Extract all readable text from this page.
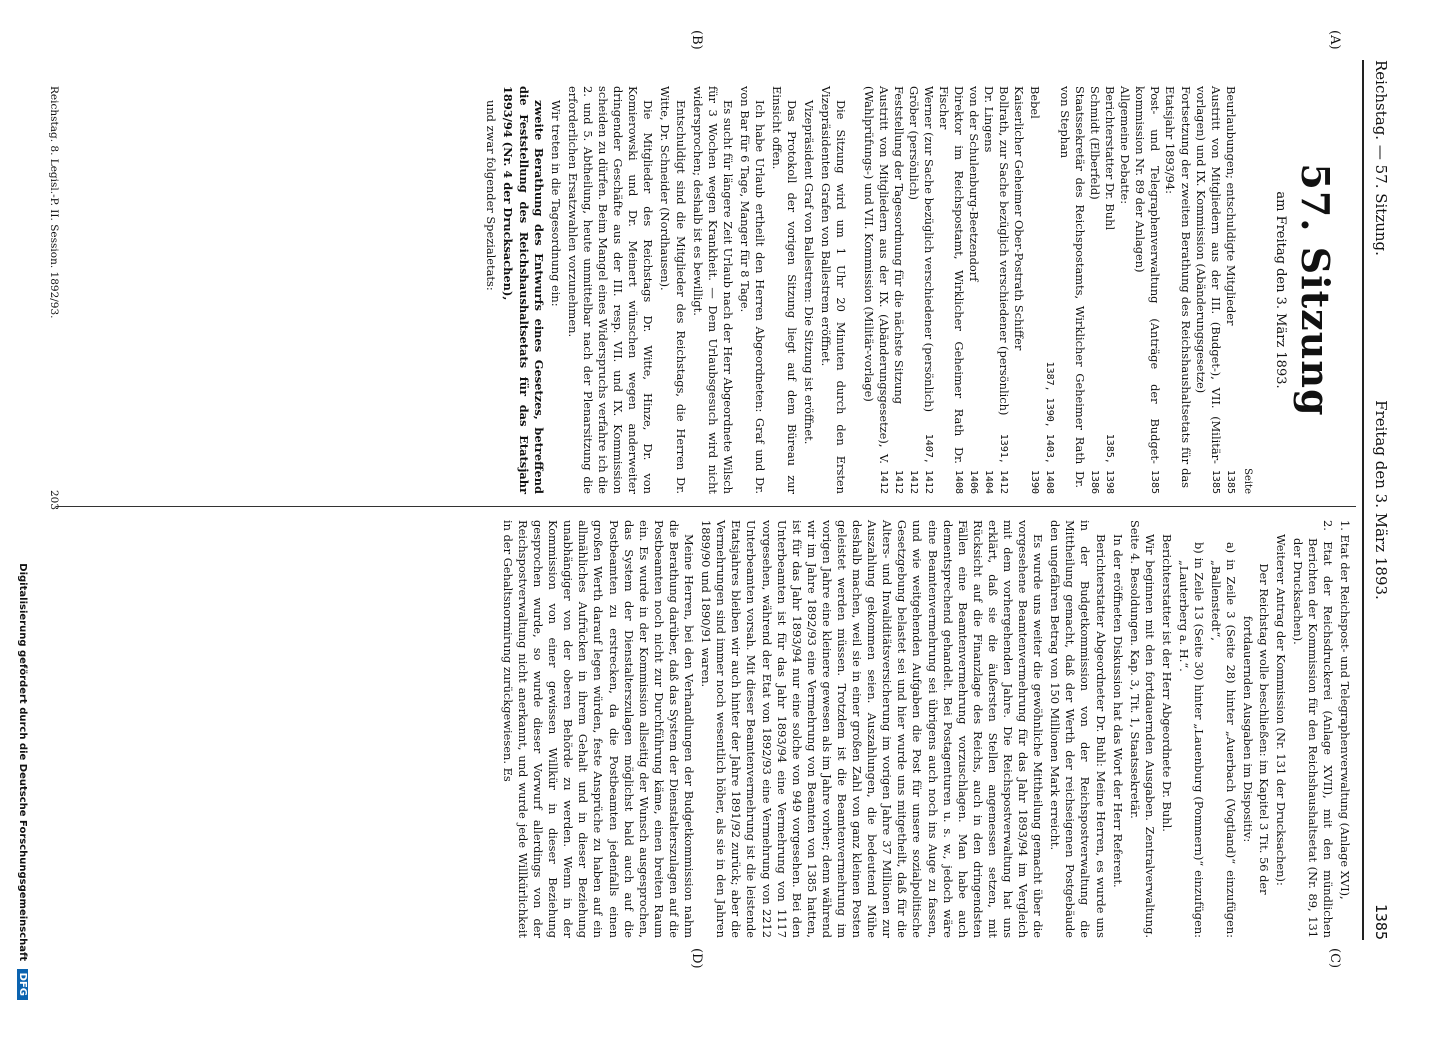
Reichstag. — 57. Sitzung.
Freitag den 3. März 1893.
1385
(A)
(B)
(C)
(D)
57. Sitzung
am Freitag den 3. März 1893.
Seite
Beurlaubungen; entschuldigte Mitglieder
1385
Austritt von Mitgliedern aus der III. (Budget-), VII. (Militär-vorlagen) und IX. Kommission (Abänderungsgesetze)
1385
Fortsetzung der zweiten Berathung des Reichshaushaltsetats für das Etatsjahr 1893/94:
Post- und Telegraphenverwaltung (Anträge der Budget-kommission Nr. 89 der Anlagen)
1385
Allgemeine Debatte:
Berichterstatter Dr. Buhl
1385, 1398
Schmidt (Elberfeld)
1386
Staatssekretär des Reichspostamts, Wirklicher Geheimer Rath Dr. von Stephan
1387, 1390, 1403, 1408
Bebel
1390
Kaiserlicher Geheimer Ober-Postrath Schiffer
Bollrath, zur Sache bezüglich verschiedener (persönlich)
1391, 1412
Dr. Lingens
1404
von der Schulenburg-Beetzendorf
1406
Direktor im Reichspostamt, Wirklicher Geheimer Rath Dr. Fischer
1408
Werner (zur Sache bezüglich verschiedener (persönlich)
1407, 1412
Gröber (persönlich)
1412
Feststellung der Tagesordnung für die nächste Sitzung
1412
Austritt von Mitgliedern aus der IX. (Abänderungsgesetze), V. (Wahlprüfungs-) und VII. Kommission (Militär-vorlage)
1412

Die Sitzung wird um 1 Uhr 20 Minuten durch den Ersten Vizepräsidenten Grafen von Ballestrem eröffnet.

Vizepräsident Graf von Ballestrem: Die Sitzung ist eröffnet.

Das Protokoll der vorigen Sitzung liegt auf dem Büreau zur Einsicht offen.

Ich habe Urlaub ertheilt den Herren Abgeordneten: Graf und Dr. von Bar für 6 Tage, Manger für 8 Tage.

Es sucht für längere Zeit Urlaub nach der Herr Abgeordnete Wilsch für 3 Wochen wegen Krankheit. — Dem Urlaubsgesuch wird nicht widersprochen; deshalb ist es bewilligt.

Entschuldigt sind die Mitglieder des Reichstags, die Herren Dr. Witte, Dr. Schneider (Nordhausen).

Die Mitglieder des Reichstags Dr. Witte, Hinze, Dr. von Komierowski und Dr. Meinert wünschen wegen anderweiter dringender Geschäfte aus der III. resp. VII. und IX. Kommission scheiden zu dürfen. Beim Mangel eines Widerspruchs verfahre ich die 2. und 5. Abtheilung, heute unmittelbar nach der Plenarsitzung die erforderlichen Ersatzwahlen vorzunehmen.

Wir treten in die Tagesordnung ein:

zweite Berathung des Entwurfs eines Gesetzes, betreffend die Feststellung des Reichshaushaltsetats für das Etatsjahr 1893/94 (Nr. 4 der Drucksachen),

und zwar folgender Spezialetats:

1. Etat der Reichspost- und Telegraphenverwaltung (Anlage XVI),
2. Etat der Reichsdruckerei (Anlage XVII), mit den mündlichen Berichten der Kommission für den Reichshaushaltsetat (Nr. 89, 131 der Drucksachen).

Weiterer Antrag der Kommission (Nr. 131 der Drucksachen):

Der Reichstag wolle beschließen: im Kapitel 3 Tit. 56 der fortdauernden Ausgaben im Dispositiv:

a) in Zeile 3 (Seite 28) hinter „Auerbach (Vogtland)“ einzufügen: „Ballenstedt“,
b) in Zeile 13 (Seite 30) hinter „Lauenburg (Pommern)“ einzufügen: „Lauterberg a. H.“.

Berichterstatter ist der Herr Abgeordnete Dr. Buhl.

Wir beginnen mit den fortdauernden Ausgaben. Zentralverwaltung. Seite 4. Besoldungen. Kap. 3, Tit. 1, Staatssekretär.

In der eröffneten Diskussion hat das Wort der Herr Referent.

Berichterstatter Abgeordneter Dr. Buhl: Meine Herren, es wurde uns in der Budgetkommission von der Reichspostverwaltung die Mittheilung gemacht, daß der Werth der reichseigenen Postgebäude den ungefähren Betrag von 150 Millionen Mark erreicht.

Es wurde uns weiter die gewöhnliche Mittheilung gemacht über die vorgesehene Beamtenvermehrung für das Jahr 1893/94 im Vergleich mit dem vorhergehenden Jahre. Die Reichspostverwaltung hat uns erklärt, daß sie die äußersten Stellen angemessen setzen, mit Rücksicht auf die Finanzlage des Reichs, auch in den dringendsten Fällen eine Beamtenvermehrung vorzuschlagen. Man habe auch dementsprechend gehandelt. Bei Postagenturen u. s. w., jedoch wäre eine Beamtenvermehrung sei übrigens auch noch ins Auge zu fassen, und wie weitgehenden Aufgaben die Post für unsere sozialpolitische Gesetzgebung belastet sei und hier wurde uns mitgetheilt, daß für die Alters- und Invaliditätsversicherung im vorigen Jahre 37 Millionen zur Auszahlung gekommen seien. Auszahlungen, die bedeutend Mühe deshalb machen, weil sie in einer großen Zahl von ganz kleinen Posten geleistet werden müssen. Trotzdem ist die Beamtenvermehrung im vorigen Jahre eine kleinere gewesen als im Jahre vorher; denn während wir im Jahre 1892/93 eine Vermehrung von Beamten von 1385 hatten, ist für das Jahr 1893/94 nur eine solche von 949 vorgesehen. Bei den Unterbeamten ist für das Jahr 1893/94 eine Vermehrung von 1117 vorgesehen, während der Etat von 1892/93 eine Vermehrung von 2212 Unterbeamten vorsah. Mit dieser Beamtenvermehrung ist die leistende Etatsjahres bleiben wir auch hinter der Jahre 1891/92 zurück; aber die Vermehrungen sind immer noch wesentlich höher, als sie in den Jahren 1889/90 und 1890/91 waren.

Meine Herren, bei den Verhandlungen der Budgetkommission nahm die Berathung darüber, daß das System der Dienstalterszulagen auf die Postbeamten noch nicht zur Durchführung käme, einen breiten Raum ein. Es wurde in der Kommission allseitig der Wunsch ausgesprochen, das System der Dienstalterszulagen möglichst bald auch auf die Postbeamten zu erstrecken, da die Postbeamten jedenfalls einen großen Werth darauf legen würden, feste Ansprüche zu haben auf ein allmähliches Aufrücken in ihrem Gehalt und in dieser Beziehung unabhängiger von der oberen Behörde zu werden. Wenn in der Kommission von einer gewissen Willkür in dieser Beziehung gesprochen wurde, so wurde dieser Vorwurf allerdings von der Reichspostverwaltung nicht anerkannt, und wurde jede Willkürlichkeit in der Gehaltsnormirung zurückgewiesen. Es

Reichstag. 8. Legisl.-P. II. Session. 1892/93.
203
Digitalisierung gefördert durch die Deutsche Forschungsgemeinschaft DFG
